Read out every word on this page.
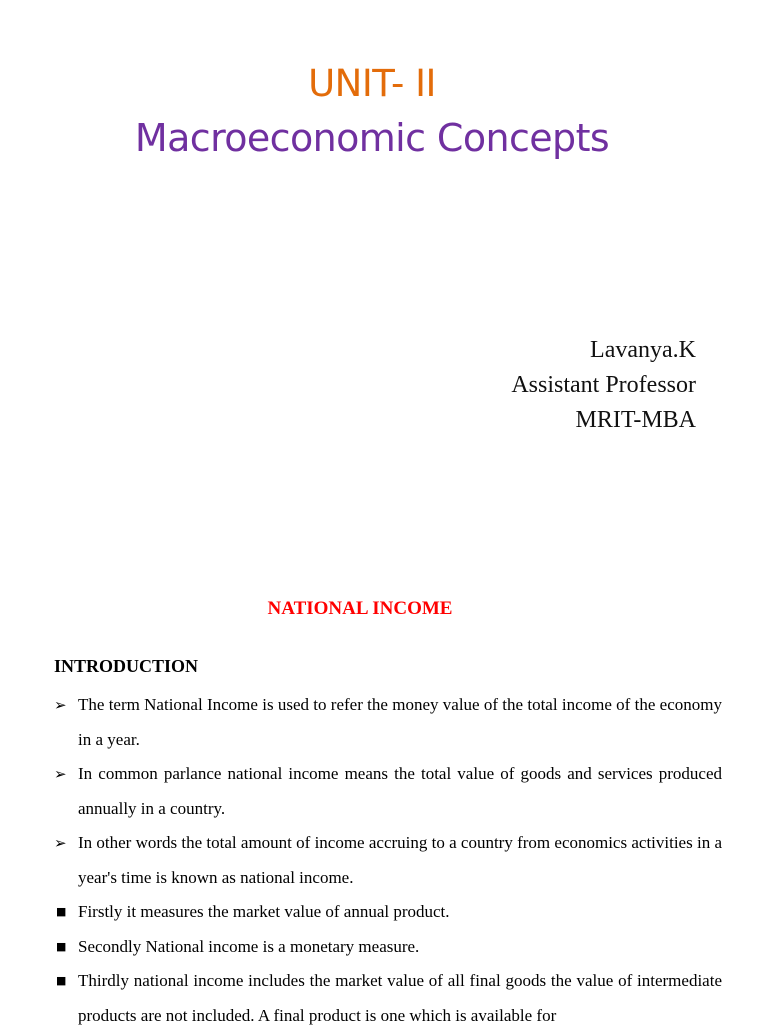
UNIT- II
Macroeconomic Concepts
Lavanya.K
Assistant Professor
MRIT-MBA
NATIONAL INCOME
INTRODUCTION
➢ The term National Income is used to refer the money value of the total income of the economy in a year.
➢ In common parlance national income means the total value of goods and services produced annually in a country.
➢ In other words the total amount of income accruing to a country from economics activities in a year's time is known as national income.
■ Firstly it measures the market value of annual product.
■ Secondly National income is a monetary measure.
■ Thirdly national income includes the market value of all final goods the value of intermediate products are not included. A final product is one which is available for
